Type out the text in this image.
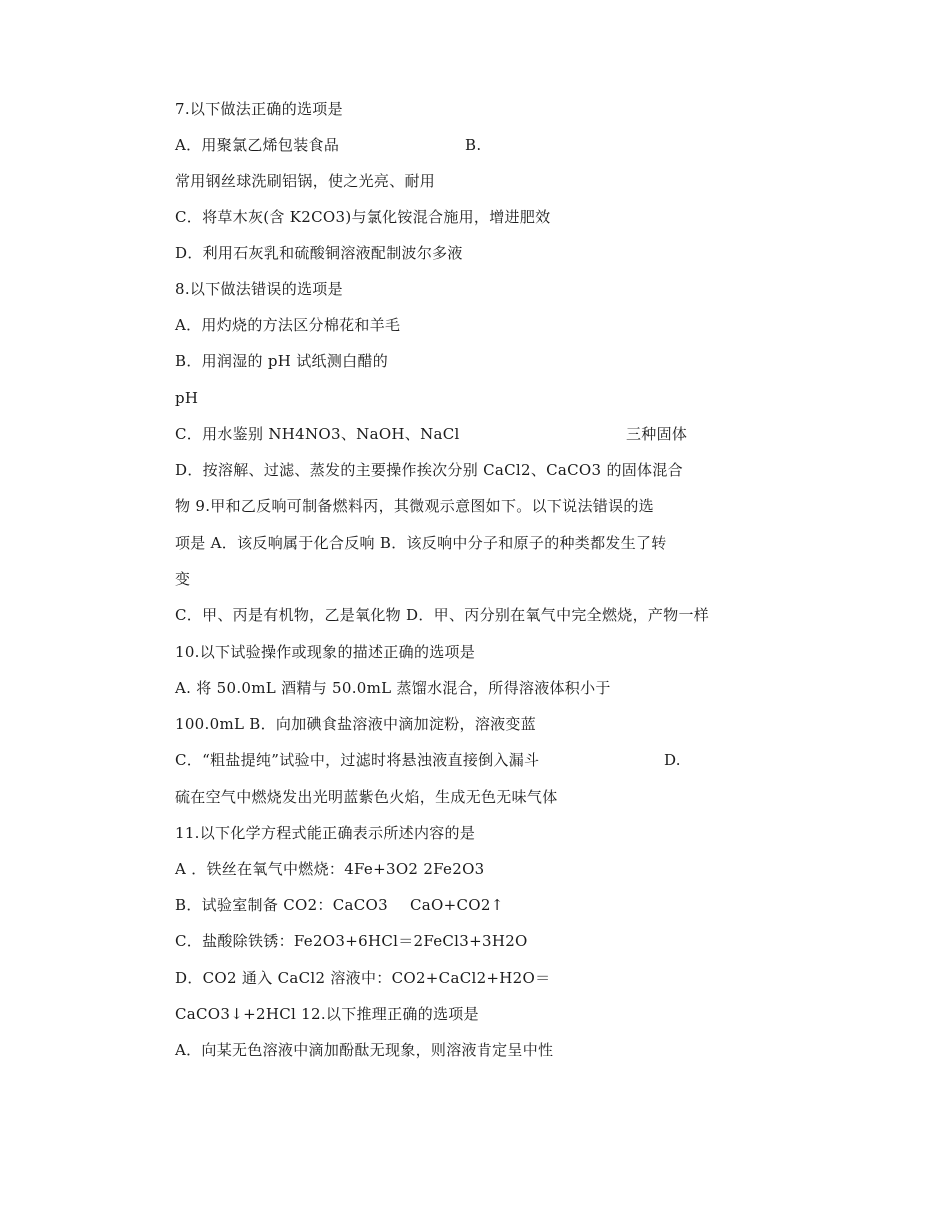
7.以下做法正确的选项是
A．用聚氯乙烯包装食品	B.
常用钢丝球洗刷铝锅，使之光亮、耐用
C．将草木灰(含 K2CO3)与氯化铵混合施用，增进肥效
D．利用石灰乳和硫酸铜溶液配制波尔多液
8.以下做法错误的选项是
A．用灼烧的方法区分棉花和羊毛
B．用润湿的 pH 试纸测白醋的
pH
C．用水鉴别 NH4NO3、NaOH、NaCl	三种固体
D．按溶解、过滤、蒸发的主要操作挨次分别 CaCl2、CaCO3 的固体混合
物 9.甲和乙反响可制备燃料丙，其微观示意图如下。以下说法错误的选
项是 A．该反响属于化合反响 B．该反响中分子和原子的种类都发生了转
变
C．甲、丙是有机物，乙是氧化物 D．甲、丙分别在氧气中完全燃烧，产物一样
10.以下试验操作或现象的描述正确的选项是
A. 将 50.0mL 酒精与 50.0mL 蒸馏水混合，所得溶液体积小于
100.0mL B．向加碘食盐溶液中滴加淀粉，溶液变蓝
C．“粗盐提纯”试验中，过滤时将悬浊液直接倒入漏斗	D.
硫在空气中燃烧发出光明蓝紫色火焰，生成无色无味气体
11.以下化学方程式能正确表示所述内容的是
A ．铁丝在氧气中燃烧：4Fe+3O2 2Fe2O3
B．试验室制备 CO2：CaCO3 CaO+CO2↑
C．盐酸除铁锈：Fe2O3+6HCl＝2FeCl3+3H2O
D．CO2 通入 CaCl2 溶液中：CO2+CaCl2+H2O＝
CaCO3↓+2HCl 12.以下推理正确的选项是
A．向某无色溶液中滴加酚酞无现象，则溶液肯定呈中性
